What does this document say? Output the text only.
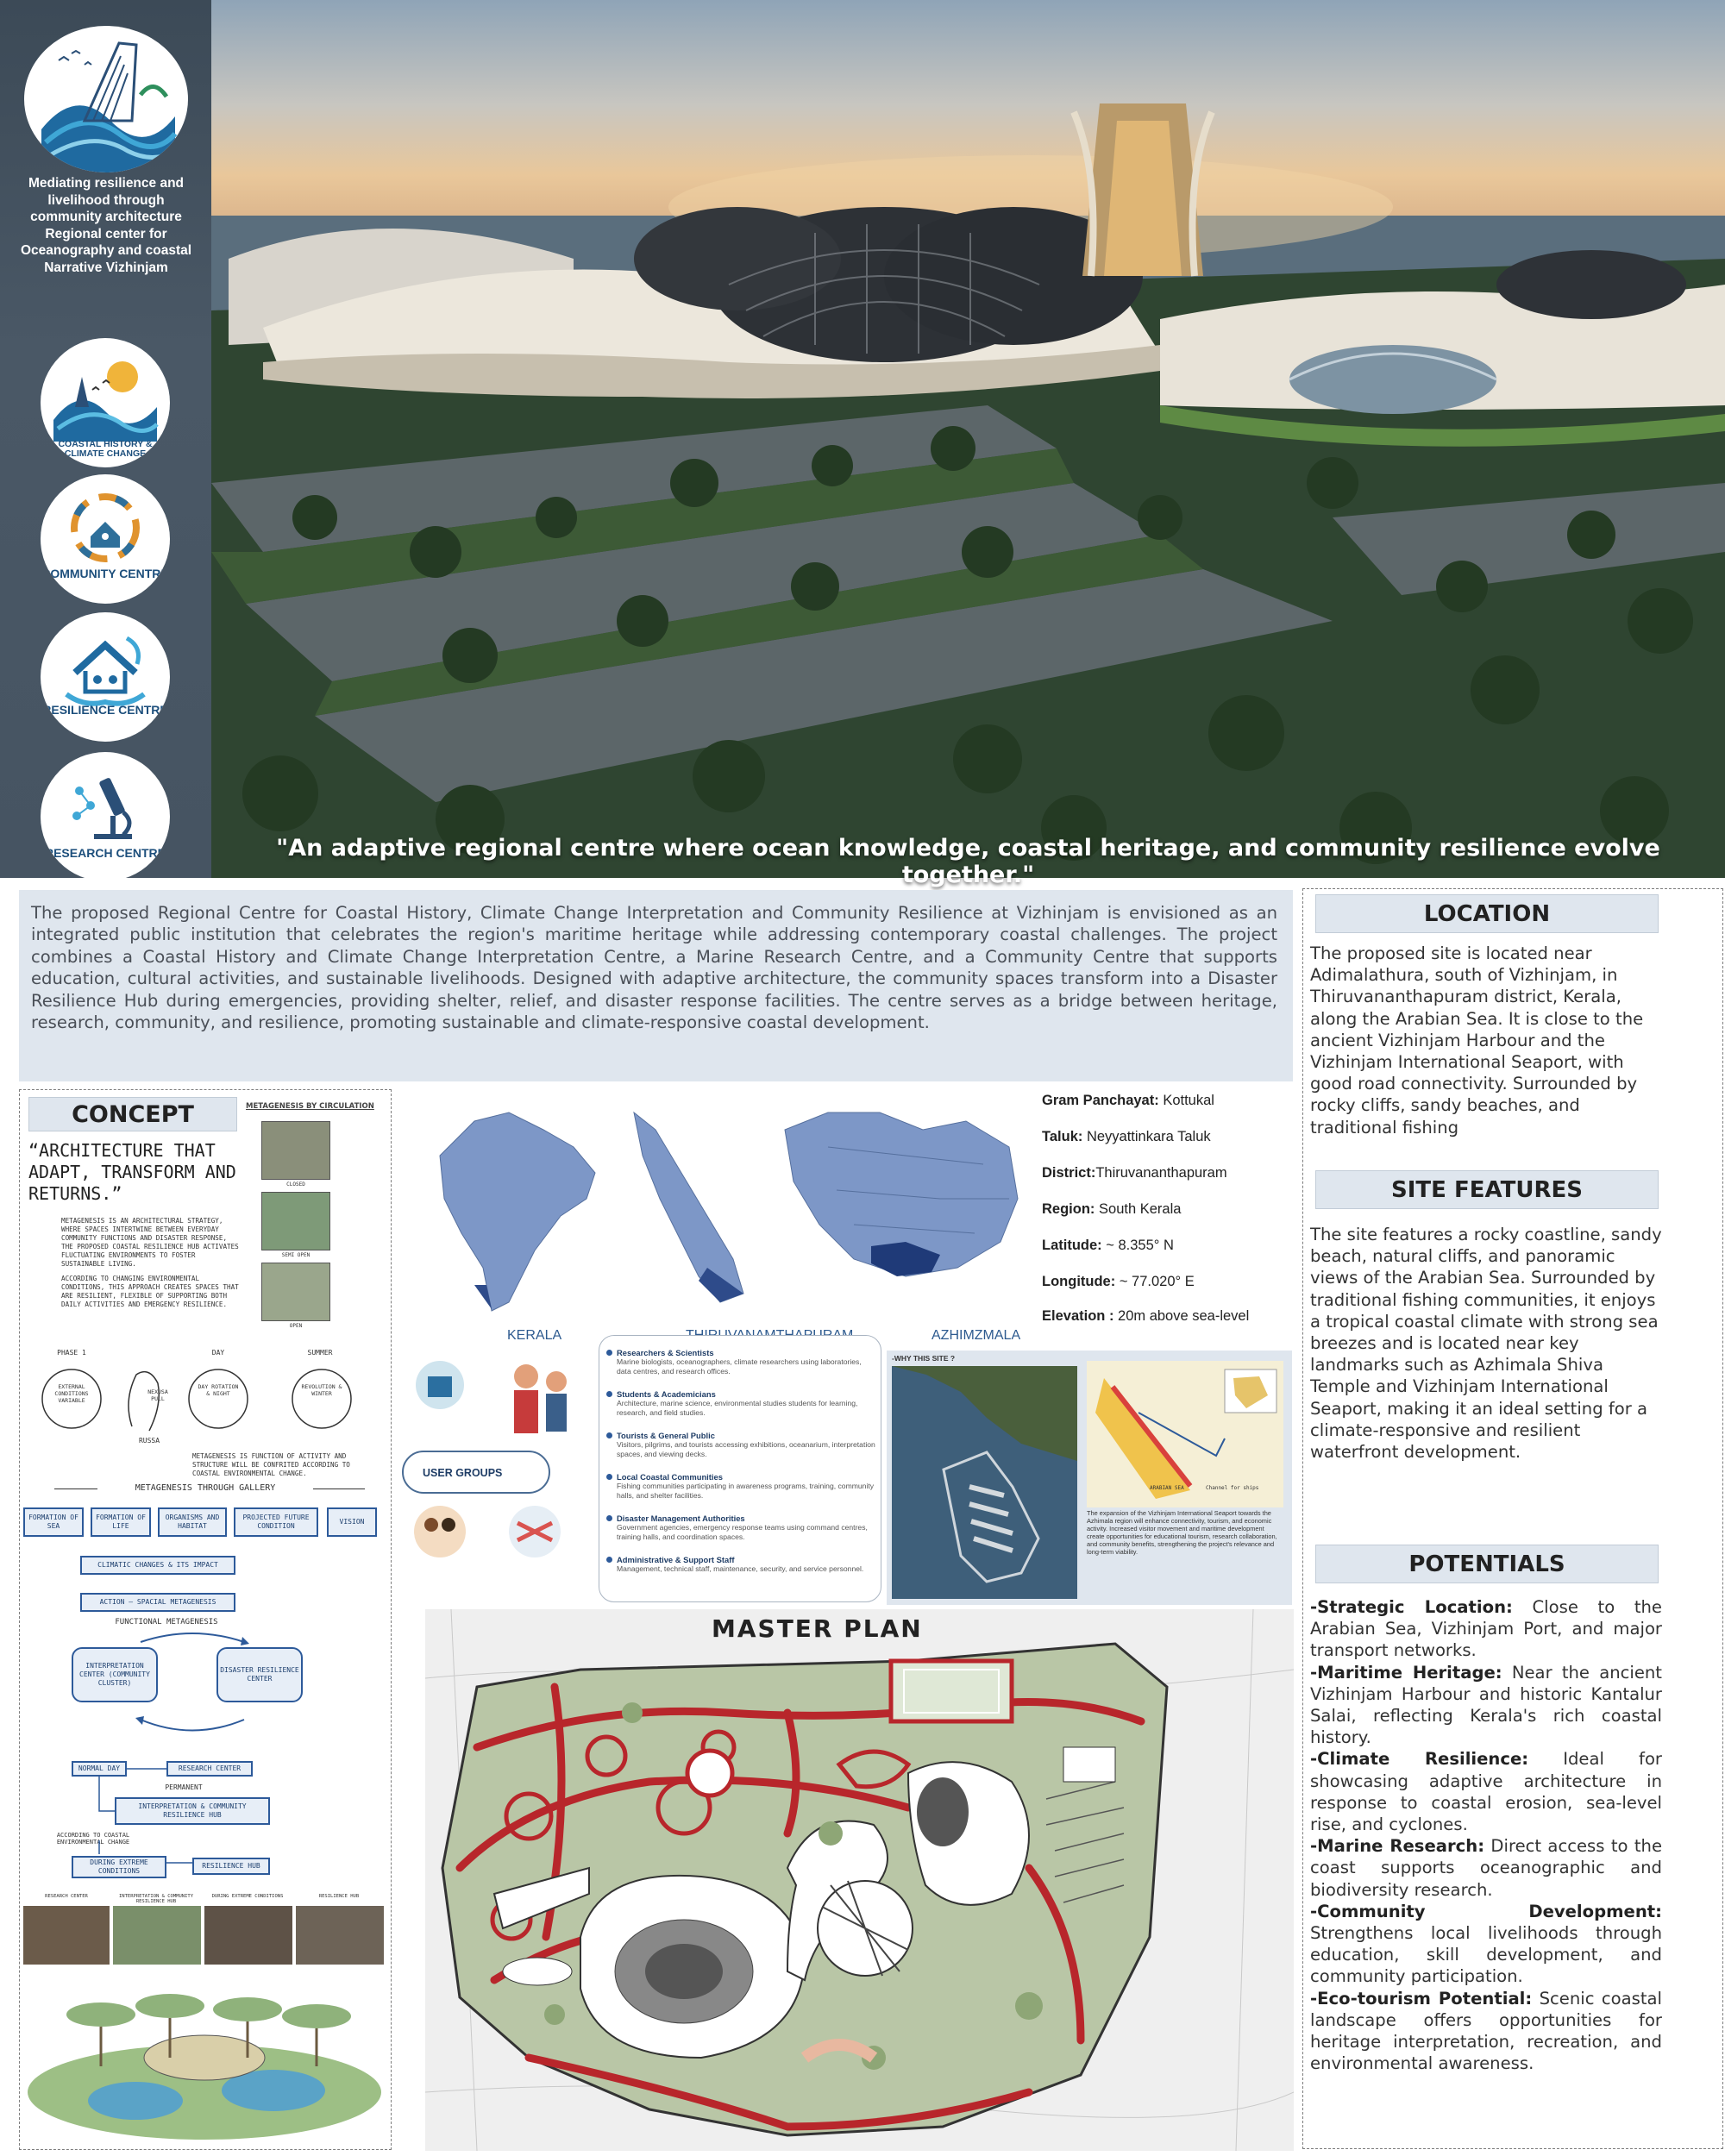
Mediating resilience and livelihood through community architecture Regional center for Oceanography and coastal Narrative Vizhinjam
COASTAL HISTORY & CLIMATE CHANGE
COMMUNITY CENTRE
RESILIENCE CENTRE
RESEARCH CENTRE	"An adaptive regional centre where ocean knowledge, coastal heritage, and community resilience evolve together."

The proposed Regional Centre for Coastal History, Climate Change Interpretation and Community Resilience at Vizhinjam is envisioned as an integrated public institution that celebrates the region's maritime heritage while addressing contemporary coastal challenges. The project combines a Coastal History and Climate Change Interpretation Centre, a Marine Research Centre, and a Community Centre that supports education, cultural activities, and sustainable livelihoods. Designed with adaptive architecture, the community spaces transform into a Disaster Resilience Hub during emergencies, providing shelter, relief, and disaster response facilities. The centre serves as a bridge between heritage, research, community, and resilience, promoting sustainable and climate-responsive coastal development.

LOCATION
The proposed site is located near Adimalathura, south of Vizhinjam, in Thiruvananthapuram district, Kerala, along the Arabian Sea. It is close to the ancient Vizhinjam Harbour and the Vizhinjam International Seaport, with good road connectivity. Surrounded by rocky cliffs, sandy beaches, and traditional fishing
SITE FEATURES
The site features a rocky coastline, sandy beach, natural cliffs, and panoramic views of the Arabian Sea. Surrounded by traditional fishing communities, it enjoys a tropical coastal climate with strong sea breezes and is located near key landmarks such as Azhimala Shiva Temple and Vizhinjam International Seaport, making it an ideal setting for a climate-responsive and resilient waterfront development.
POTENTIALS
-Strategic Location: Close to the Arabian Sea, Vizhinjam Port, and major transport networks.
-Maritime Heritage: Near the ancient Vizhinjam Harbour and historic Kantalur Salai, reflecting Kerala's rich coastal history.
-Climate Resilience: Ideal for showcasing adaptive architecture in response to coastal erosion, sea-level rise, and cyclones.
-Marine Research: Direct access to the coast supports oceanographic and biodiversity research.
-Community Development: Strengthens local livelihoods through education, skill development, and community participation.
-Eco-tourism Potential: Scenic coastal landscape offers opportunities for heritage interpretation, recreation, and environmental awareness.
CONCEPT	METAGENESIS BY CIRCULATION
“ARCHITECTURE THAT ADAPT, TRANSFORM AND RETURNS.”
METAGENESIS IS AN ARCHITECTURAL STRATEGY, WHERE SPACES INTERTWINE BETWEEN EVERYDAY COMMUNITY FUNCTIONS AND DISASTER RESPONSE, THE PROPOSED COASTAL RESILIENCE HUB ACTIVATES FLUCTUATING ENVIRONMENTS TO FOSTER SUSTAINABLE LIVING.
ACCORDING TO CHANGING ENVIRONMENTAL CONDITIONS, THIS APPROACH CREATES SPACES THAT ARE RESILIENT, FLEXIBLE OF SUPPORTING BOTH DAILY ACTIVITIES AND EMERGENCY RESILIENCE.
CLOSED
SEMI OPEN
OPEN
PHASE 1	DAY	SUMMER
EXTERNAL CONDITIONS VARIABLE
NEXUSA PULL
DAY ROTATION & NIGHT
REVOLUTION & WINTER
RUSSA
METAGENESIS IS FUNCTION OF ACTIVITY AND STRUCTURE WILL BE CONFRITED ACCORDING TO COASTAL ENVIRONMENTAL CHANGE.
METAGENESIS THROUGH GALLERY
FORMATION OF SEA
FORMATION OF LIFE
ORGANISMS AND HABITAT
PROJECTED FUTURE CONDITION
VISION
CLIMATIC CHANGES & ITS IMPACT
ACTION — SPACIAL METAGENESIS
FUNCTIONAL METAGENESIS
INTERPRETATION CENTER (COMMUNITY CLUSTER)
DISASTER RESILIENCE CENTER
NORMAL DAY	RESEARCH CENTER
PERMANENT
INTERPRETATION & COMMUNITY RESILIENCE HUB
ACCORDING TO COASTAL ENVIRONMENTAL CHANGE
DURING EXTREME CONDITIONS
RESILIENCE HUB
RESEARCH CENTER	INTERPRETATION & COMMUNITY RESILIENCE HUB
DURING EXTREME CONDITIONS	RESILIENCE HUB
KERALA	AZHIMZMALA
Gram Panchayat: Kottukal
Taluk: Neyyattinkara Taluk
District:Thiruvananthapuram
Region: South Kerala
Latitude: ~ 8.355° N
Longitude: ~ 77.020° E
Elevation : 20m above sea-level
USER GROUPS
Researchers & Scientists
Marine biologists, oceanographers, climate researchers using laboratories, data centres, and research offices.
Students & Academicians
Architecture, marine science, environmental studies students for learning, research, and field studies.
Tourists & General Public
Visitors, pilgrims, and tourists accessing exhibitions, oceanarium, interpretation spaces, and viewing decks.
Local Coastal Communities
Fishing communities participating in awareness programs, training, community halls, and shelter facilities.
Disaster Management Authorities
Government agencies, emergency response teams using command centres, training halls, and coordination spaces.
Administrative & Support Staff
Management, technical staff, maintenance, security, and service personnel.
-WHY THIS SITE ?
ARABIAN SEA	Channel for ships
The expansion of the Vizhinjam International Seaport towards the Azhimala region will enhance connectivity, tourism, and economic activity. Increased visitor movement and maritime development create opportunities for educational tourism, research collaboration, and community benefits, strengthening the project's relevance and long-term viability.
MASTER PLAN
